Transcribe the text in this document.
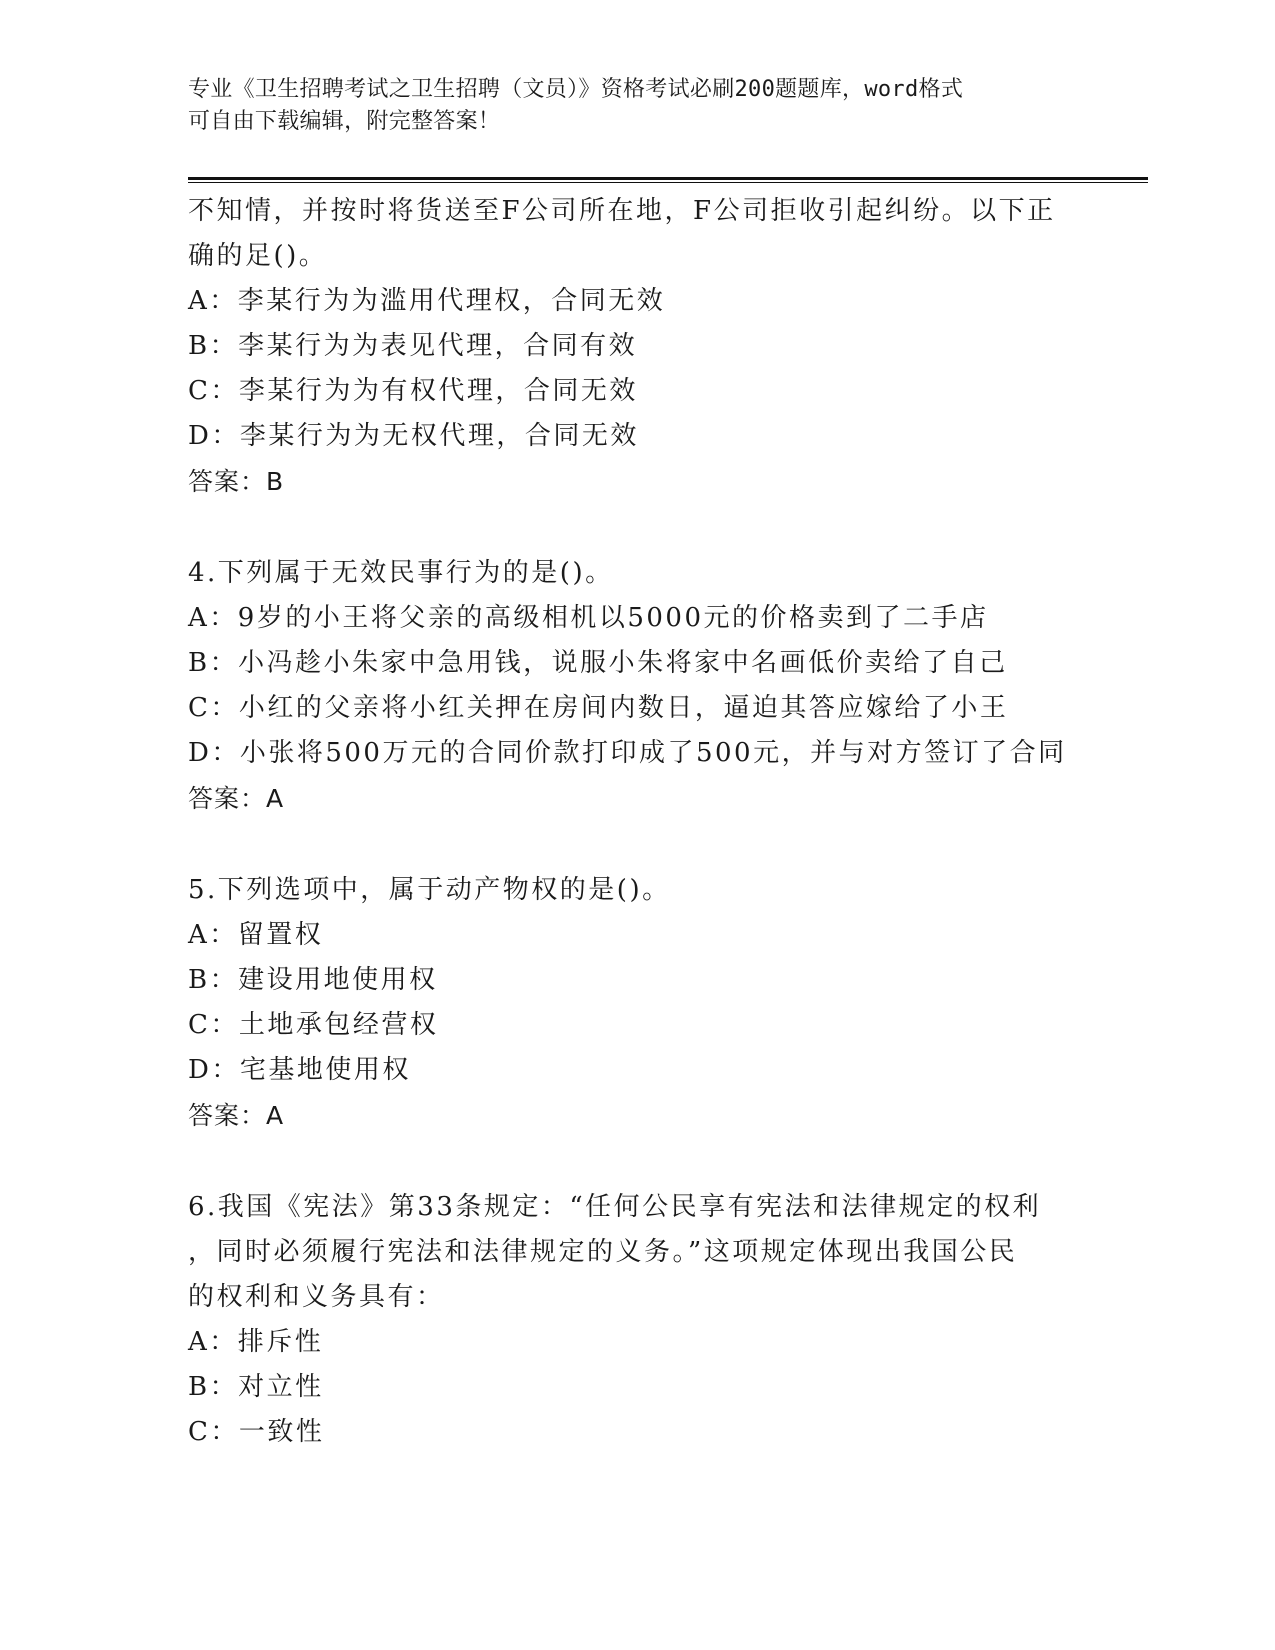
专业《卫生招聘考试之卫生招聘（文员）》资格考试必刷200题题库，word格式
可自由下载编辑，附完整答案！
不知情，并按时将货送至F公司所在地，F公司拒收引起纠纷。以下正
确的足()。
A：李某行为为滥用代理权，合同无效
B：李某行为为表见代理，合同有效
C：李某行为为有权代理，合同无效
D：李某行为为无权代理，合同无效
答案：B
4.下列属于无效民事行为的是()。
A：9岁的小王将父亲的高级相机以5000元的价格卖到了二手店
B：小冯趁小朱家中急用钱，说服小朱将家中名画低价卖给了自己
C：小红的父亲将小红关押在房间内数日，逼迫其答应嫁给了小王
D：小张将500万元的合同价款打印成了500元，并与对方签订了合同
答案：A
5.下列选项中，属于动产物权的是()。
A：留置权
B：建设用地使用权
C：土地承包经营权
D：宅基地使用权
答案：A
6.我国《宪法》第33条规定：“任何公民享有宪法和法律规定的权利
，同时必须履行宪法和法律规定的义务。”这项规定体现出我国公民
的权利和义务具有：
A：排斥性
B：对立性
C：一致性
